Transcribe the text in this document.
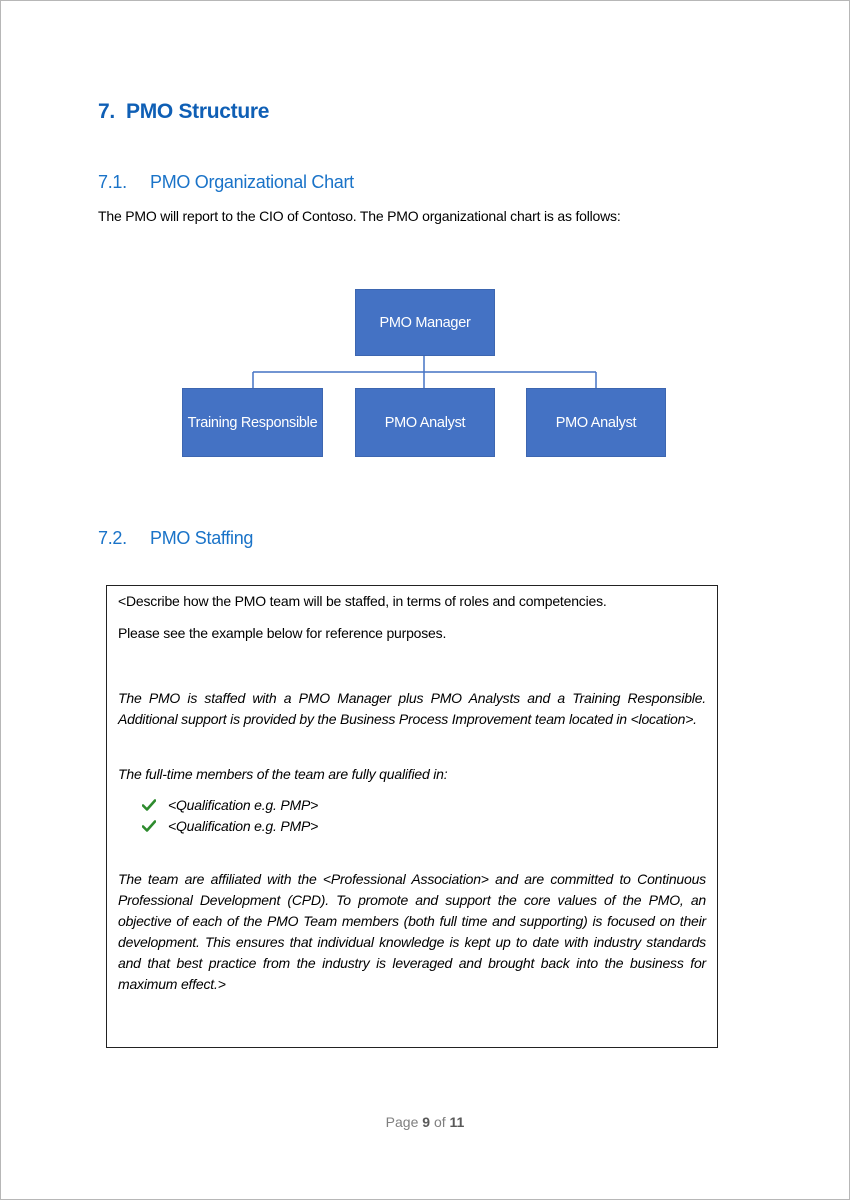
7. PMO Structure
7.1. PMO Organizational Chart

The PMO will report to the CIO of Contoso. The PMO organizational chart is as follows:

PMO Manager
Training Responsible	PMO Analyst	PMO Analyst
7.2. PMO Staffing

<Describe how the PMO team will be staffed, in terms of roles and competencies.

Please see the example below for reference purposes.

The PMO is staffed with a PMO Manager plus PMO Analysts and a Training Responsible. Additional support is provided by the Business Process Improvement team located in <location>.

The full-time members of the team are fully qualified in:

<Qualification e.g. PMP>
<Qualification e.g. PMP>

The team are affiliated with the <Professional Association> and are committed to Continuous Professional Development (CPD). To promote and support the core values of the PMO, an objective of each of the PMO Team members (both full time and supporting) is focused on their development. This ensures that individual knowledge is kept up to date with industry standards and that best practice from the industry is leveraged and brought back into the business for maximum effect.>

Page 9 of 11
